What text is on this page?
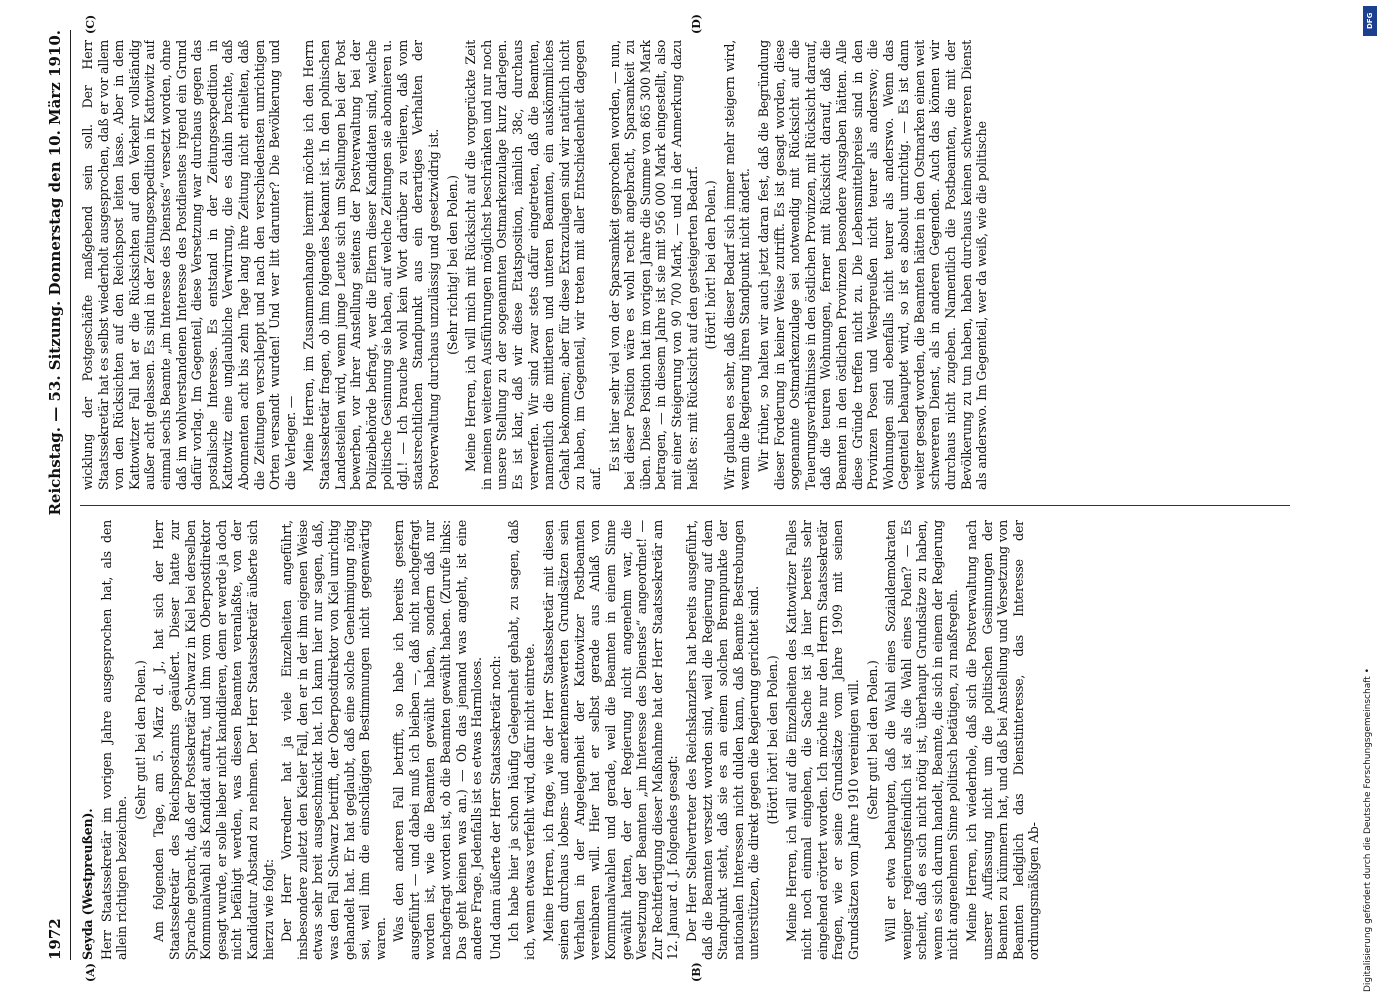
1972
Reichstag. — 53. Sitzung. Donnerstag den 10. März 1910.
(A)	(B)
(C)	(D)

Seyda (Westpreußen). Herr Staatssekretär im vorigen Jahre ausgesprochen hat, als den allein richtigen bezeichne.

(Sehr gut! bei den Polen.) Am folgenden Tage, am 5. März d. J., hat sich der Herr Staatssekretär des Reichspostamts geäußert. Dieser hatte zur Sprache gebracht, daß der Postsekretär Schwarz in Kiel bei derselben Kommunalwahl als Kandidat auftrat, und ihm vom Oberpostdirektor gesagt wurde, er solle lieber nicht kandidieren, denn er werde ja doch nicht befähigt werden, was diesen Beamten veranlaßte, von der Kandidatur Abstand zu nehmen. Der Herr Staatssekretär äußerte sich hierzu wie folgt: Der Herr Vorredner hat ja viele Einzelheiten angeführt, insbesondere zuletzt den Kieler Fall, den er in der ihm eigenen Weise etwas sehr breit ausgeschmückt hat. Ich kann hier nur sagen, daß, was den Fall Schwarz betrifft, der Oberpostdirektor von Kiel unrichtig gehandelt hat. Er hat geglaubt, daß eine solche Genehmigung nötig sei, weil ihm die einschlägigen Bestimmungen nicht gegenwärtig waren. Was den anderen Fall betrifft, so habe ich bereits gestern ausgeführt — und dabei muß ich bleiben —, daß nicht nachgefragt worden ist, wie die Beamten gewählt haben, sondern daß nur nachgefragt worden ist, ob die Beamten gewählt haben. (Zurufe links: Das geht keinen was an.) — Ob das jemand was angeht, ist eine andere Frage. Jedenfalls ist es etwas Harmloses. Und dann äußerte der Herr Staatssekretär noch: Ich habe hier ja schon häufig Gelegenheit gehabt, zu sagen, daß ich, wenn etwas verfehlt wird, dafür nicht eintrete. Meine Herren, ich frage, wie der Herr Staatssekretär mit diesen seinen durchaus lobens- und anerkennenswerten Grundsätzen sein Verhalten in der Angelegenheit der Kattowitzer Postbeamten vereinbaren will. Hier hat er selbst gerade aus Anlaß von Kommunalwahlen und gerade, weil die Beamten in einem Sinne gewählt hatten, der der Regierung nicht angenehm war, die Versetzung der Beamten „im Interesse des Dienstes“ angeordnet! — Zur Rechtfertigung dieser Maßnahme hat der Herr Staatssekretär am 12. Januar d. J. folgendes gesagt: Der Herr Stellvertreter des Reichskanzlers hat bereits ausgeführt, daß die Beamten versetzt worden sind, weil die Regierung auf dem Standpunkt steht, daß sie es an einem solchen Brennpunkte der nationalen Interessen nicht dulden kann, daß Beamte Bestrebungen unterstützen, die direkt gegen die Regierung gerichtet sind. (Hört! hört! bei den Polen.) Meine Herren, ich will auf die Einzelheiten des Kattowitzer Falles nicht noch einmal eingehen, die Sache ist ja hier bereits sehr eingehend erörtert worden. Ich möchte nur den Herrn Staatssekretär fragen, wie er seine Grundsätze vom Jahre 1909 mit seinen Grundsätzen vom Jahre 1910 vereinigen will. (Sehr gut! bei den Polen.) Will er etwa behaupten, daß die Wahl eines Sozialdemokraten weniger regierungsfeindlich ist als die Wahl eines Polen? — Es scheint, daß es sich nicht nötig ist, überhaupt Grundsätze zu haben, wenn es sich darum handelt, Beamte, die sich in einem der Regierung nicht angenehmen Sinne politisch betätigen, zu maßregeln. Meine Herren, ich wiederhole, daß sich die Postverwaltung nach unserer Auffassung nicht um die politischen Gesinnungen der Beamten zu kümmern hat, und daß bei Anstellung und Versetzung von Beamten lediglich das Dienstinteresse, das Interesse der ordnungsmäßigen Ab-

wicklung der Postgeschäfte maßgebend sein soll. Der Herr Staatssekretär hat es selbst wiederholt ausgesprochen, daß er vor allem von den Rücksichten auf den Reichspost leiten lasse. Aber in dem Kattowitzer Fall hat er die Rücksichten auf den Verkehr vollständig außer acht gelassen. Es sind in der Zeitungsexpedition in Kattowitz auf einmal sechs Beamte „im Interesse des Dienstes“ versetzt worden, ohne daß im wohlverstandenen Interesse des Postdienstes irgend ein Grund dafür vorlag. Im Gegenteil, diese Versetzung war durchaus gegen das postalische Interesse. Es entstand in der Zeitungsexpedition in Kattowitz eine unglaubliche Verwirrung, die es dahin brachte, daß Abonnenten acht bis zehn Tage lang ihre Zeitung nicht erhielten, daß die Zeitungen verschleppt und nach den verschiedensten unrichtigen Orten versandt wurden! Und wer litt darunter? Die Bevölkerung und die Verleger. — Meine Herren, im Zusammenhange hiermit möchte ich den Herrn Staatssekretär fragen, ob ihm folgendes bekannt ist. In den polnischen Landesteilen wird, wenn junge Leute sich um Stellungen bei der Post bewerben, vor ihrer Anstellung seitens der Postverwaltung bei der Polizeibehörde befragt, wer die Eltern dieser Kandidaten sind, welche politische Gesinnung sie haben, auf welche Zeitungen sie abonnieren u. dgl.! — Ich brauche wohl kein Wort darüber zu verlieren, daß vom staatsrechtlichen Standpunkt aus ein derartiges Verhalten der Postverwaltung durchaus unzulässig und gesetzwidrig ist. (Sehr richtig! bei den Polen.) Meine Herren, ich will mich mit Rücksicht auf die vorgerückte Zeit in meinen weiteren Ausführungen möglichst beschränken und nur noch unsere Stellung zu der sogenannten Ostmarkenzulage kurz darlegen. Es ist klar, daß wir diese Etatsposition, nämlich 38c, durchaus verwerfen. Wir sind zwar stets dafür eingetreten, daß die Beamten, namentlich die mittleren und unteren Beamten, ein auskömmliches Gehalt bekommen; aber für diese Extrazulagen sind wir natürlich nicht zu haben, im Gegenteil, wir treten mit aller Entschiedenheit dagegen auf.

Es ist hier sehr viel von der Sparsamkeit gesprochen worden, — nun, bei dieser Position wäre es wohl recht angebracht, Sparsamkeit zu üben. Diese Position hat im vorigen Jahre die Summe von 865 300 Mark betragen, — in diesem Jahre ist sie mit 956 000 Mark eingestellt, also mit einer Steigerung von 90 700 Mark, — und in der Anmerkung dazu heißt es: mit Rücksicht auf den gesteigerten Bedarf. (Hört! hört! bei den Polen.) Wir glauben es sehr, daß dieser Bedarf sich immer mehr steigern wird, wenn die Regierung ihren Standpunkt nicht ändert. Wir früher, so halten wir auch jetzt daran fest, daß die Begründung dieser Forderung in keiner Weise zutrifft. Es ist gesagt worden, diese sogenannte Ostmarkenzulage sei notwendig mit Rücksicht auf die Teuerungsverhältnisse in den östlichen Provinzen, mit Rücksicht darauf, daß die teuren Wohnungen, ferner mit Rücksicht darauf, daß die Beamten in den östlichen Provinzen besondere Ausgaben hätten. Alle diese Gründe treffen nicht zu. Die Lebensmittelpreise sind in den Provinzen Posen und Westpreußen nicht teurer als anderswo; die Wohnungen sind ebenfalls nicht teurer als anderswo. Wenn das Gegenteil behauptet wird, so ist es absolut unrichtig. — Es ist dann weiter gesagt worden, die Beamten hätten in den Ostmarken einen weit schwereren Dienst, als in anderen Gegenden. Auch das können wir durchaus nicht zugeben. Namentlich die Postbeamten, die mit der Bevölkerung zu tun haben, haben durchaus keinen schwereren Dienst als anderswo. Im Gegenteil, wer da weiß, wie die politische

DFG
Digitalisierung gefördert durch die Deutsche Forschungsgemeinschaft •
